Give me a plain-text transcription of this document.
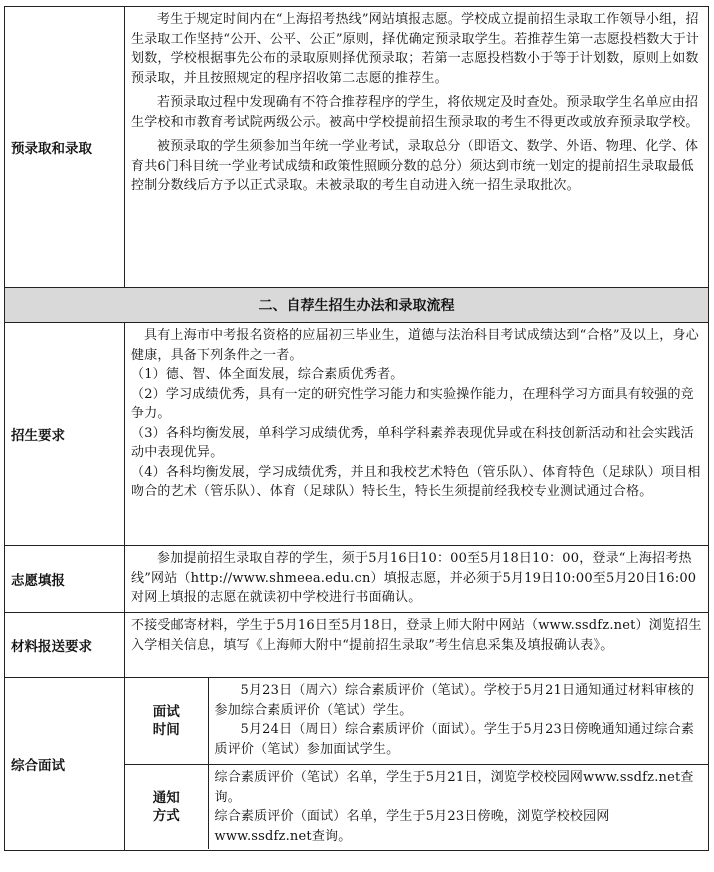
预录取和录取	

考生于规定时间内在“上海招考热线”网站填报志愿。学校成立提前招生录取工作领导小组，招生录取工作坚持“公开、公平、公正”原则，择优确定预录取学生。若推荐生第一志愿投档数大于计划数，学校根据事先公布的录取原则择优预录取；若第一志愿投档数小于等于计划数，原则上如数预录取，并且按照规定的程序招收第二志愿的推荐生。

若预录取过程中发现确有不符合推荐程序的学生，将依规定及时查处。预录取学生名单应由招生学校和市教育考试院两级公示。被高中学校提前招生预录取的考生不得更改或放弃预录取学校。

被预录取的学生须参加当年统一学业考试，录取总分（即语文、数学、外语、物理、化学、体育共6门科目统一学业考试成绩和政策性照顾分数的总分）须达到市统一划定的提前招生录取最低控制分数线后方予以正式录取。未被录取的考生自动进入统一招生录取批次。

二、自荐生招生办法和录取流程
招生要求	

具有上海市中考报名资格的应届初三毕业生，道德与法治科目考试成绩达到“合格”及以上，身心健康，具备下列条件之一者。

（1）德、智、体全面发展，综合素质优秀者。

（2）学习成绩优秀，具有一定的研究性学习能力和实验操作能力，在理科学习方面具有较强的竞争力。

（3）各科均衡发展，单科学习成绩优秀，单科学科素养表现优异或在科技创新活动和社会实践活动中表现优异。

（4）各科均衡发展，学习成绩优秀，并且和我校艺术特色（管乐队）、体育特色（足球队）项目相吻合的艺术（管乐队）、体育（足球队）特长生，特长生须提前经我校专业测试通过合格。

志愿填报	

参加提前招生录取自荐的学生，须于5月16日10：00至5月18日10：00，登录“上海招考热线”网站（http://www.shmeea.edu.cn）填报志愿，并必须于5月19日10:00至5月20日16:00对网上填报的志愿在就读初中学校进行书面确认。

材料报送要求	

不接受邮寄材料，学生于5月16日至5月18日，登录上师大附中网站（www.ssdfz.net）浏览招生入学相关信息，填写《上海师大附中“提前招生录取”考生信息采集及填报确认表》。

综合面试	
面试
时间

5月23日（周六）综合素质评价（笔试）。学校于5月21日通知通过材料审核的参加综合素质评价（笔试）学生。

5月24日（周日）综合素质评价（面试）。学生于5月23日傍晚通知通过综合素质评价（笔试）参加面试学生。

通知
方式

综合素质评价（笔试）名单，学生于5月21日，浏览学校校园网www.ssdfz.net查询。

综合素质评价（面试）名单，学生于5月23日傍晚，浏览学校校园网www.ssdfz.net查询。
